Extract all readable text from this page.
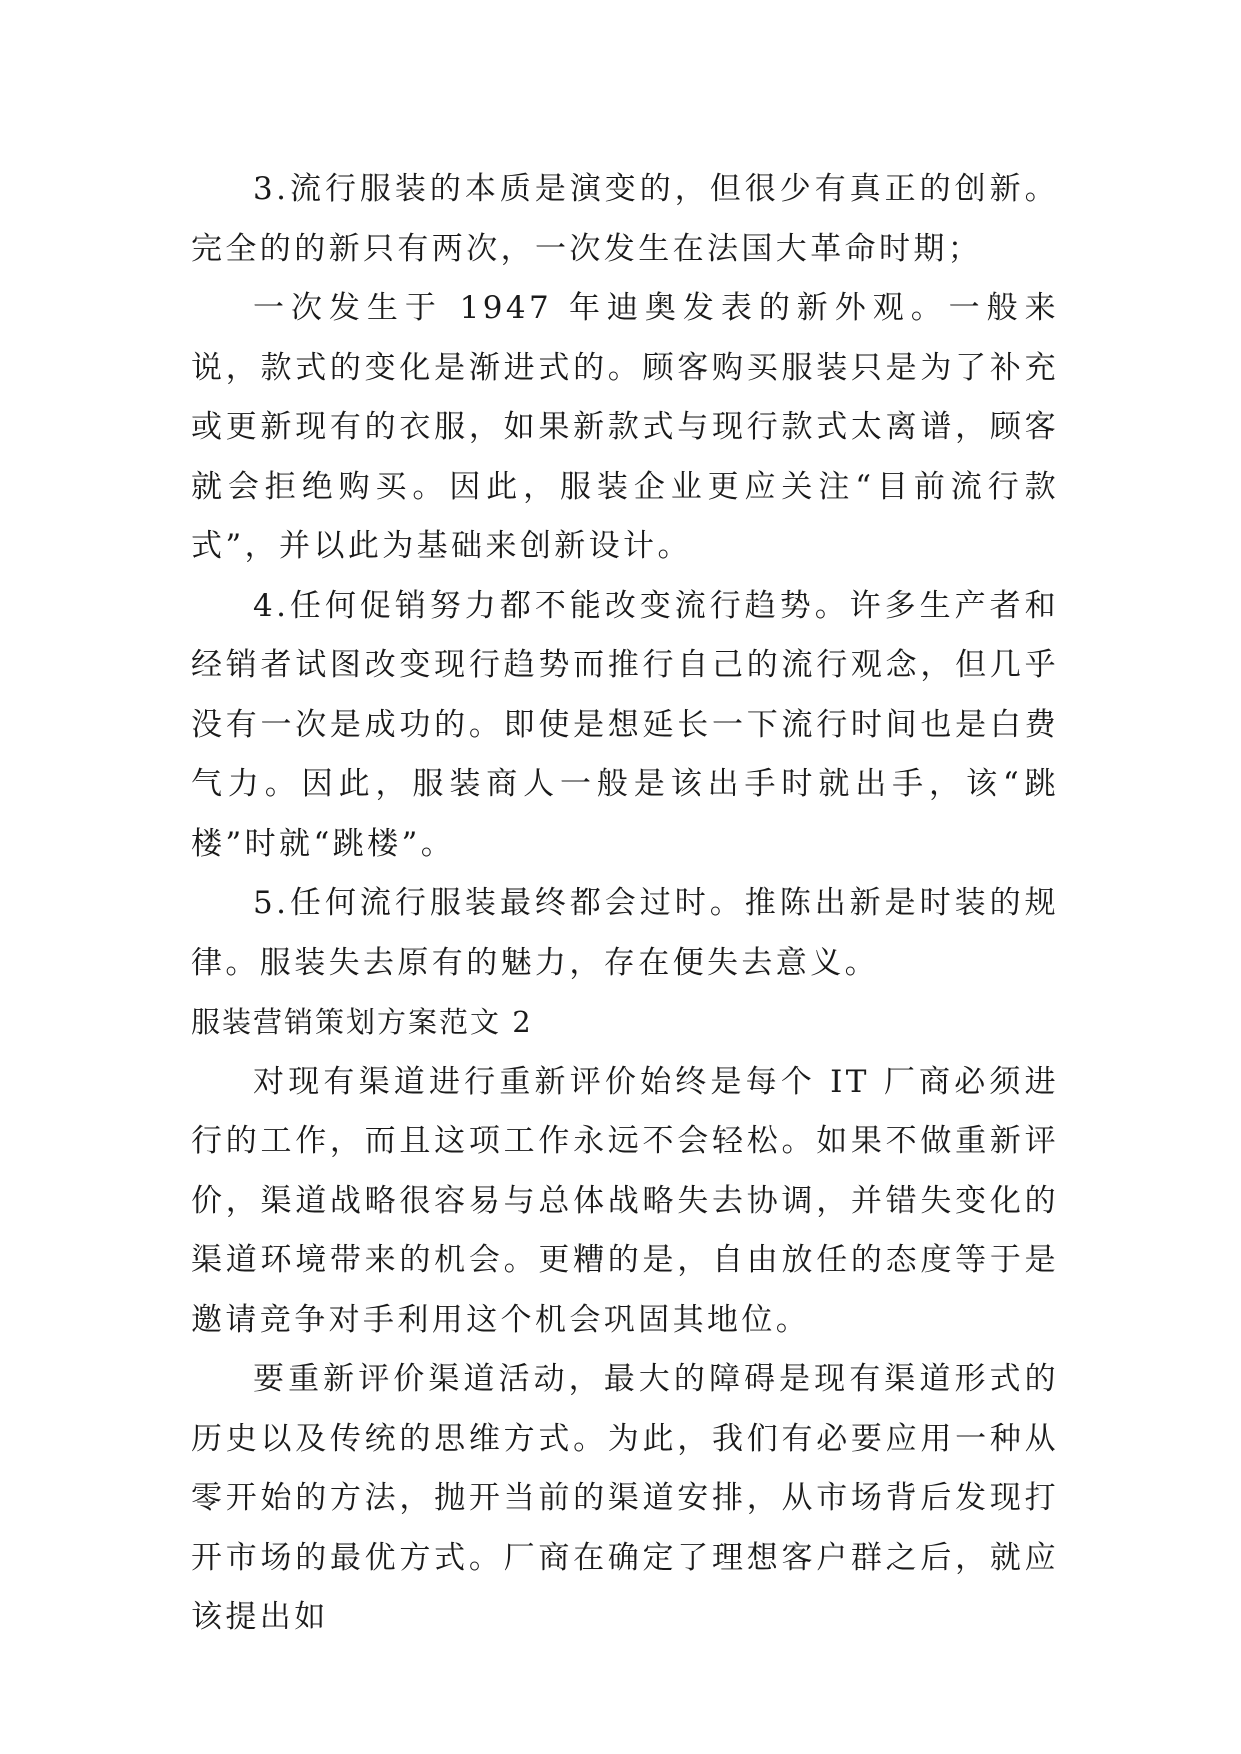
3.流行服装的本质是演变的，但很少有真正的创新。完全的的新只有两次，一次发生在法国大革命时期；

一次发生于 1947 年迪奥发表的新外观。一般来说，款式的变化是渐进式的。顾客购买服装只是为了补充或更新现有的衣服，如果新款式与现行款式太离谱，顾客就会拒绝购买。因此，服装企业更应关注“目前流行款式”，并以此为基础来创新设计。

4.任何促销努力都不能改变流行趋势。许多生产者和经销者试图改变现行趋势而推行自己的流行观念，但几乎没有一次是成功的。即使是想延长一下流行时间也是白费气力。因此，服装商人一般是该出手时就出手，该“跳楼”时就“跳楼”。

5.任何流行服装最终都会过时。推陈出新是时装的规律。服装失去原有的魅力，存在便失去意义。

服装营销策划方案范文 2

对现有渠道进行重新评价始终是每个 IT 厂商必须进行的工作，而且这项工作永远不会轻松。如果不做重新评价，渠道战略很容易与总体战略失去协调，并错失变化的渠道环境带来的机会。更糟的是，自由放任的态度等于是邀请竞争对手利用这个机会巩固其地位。

要重新评价渠道活动，最大的障碍是现有渠道形式的历史以及传统的思维方式。为此，我们有必要应用一种从零开始的方法，抛开当前的渠道安排，从市场背后发现打开市场的最优方式。厂商在确定了理想客户群之后，就应该提出如
